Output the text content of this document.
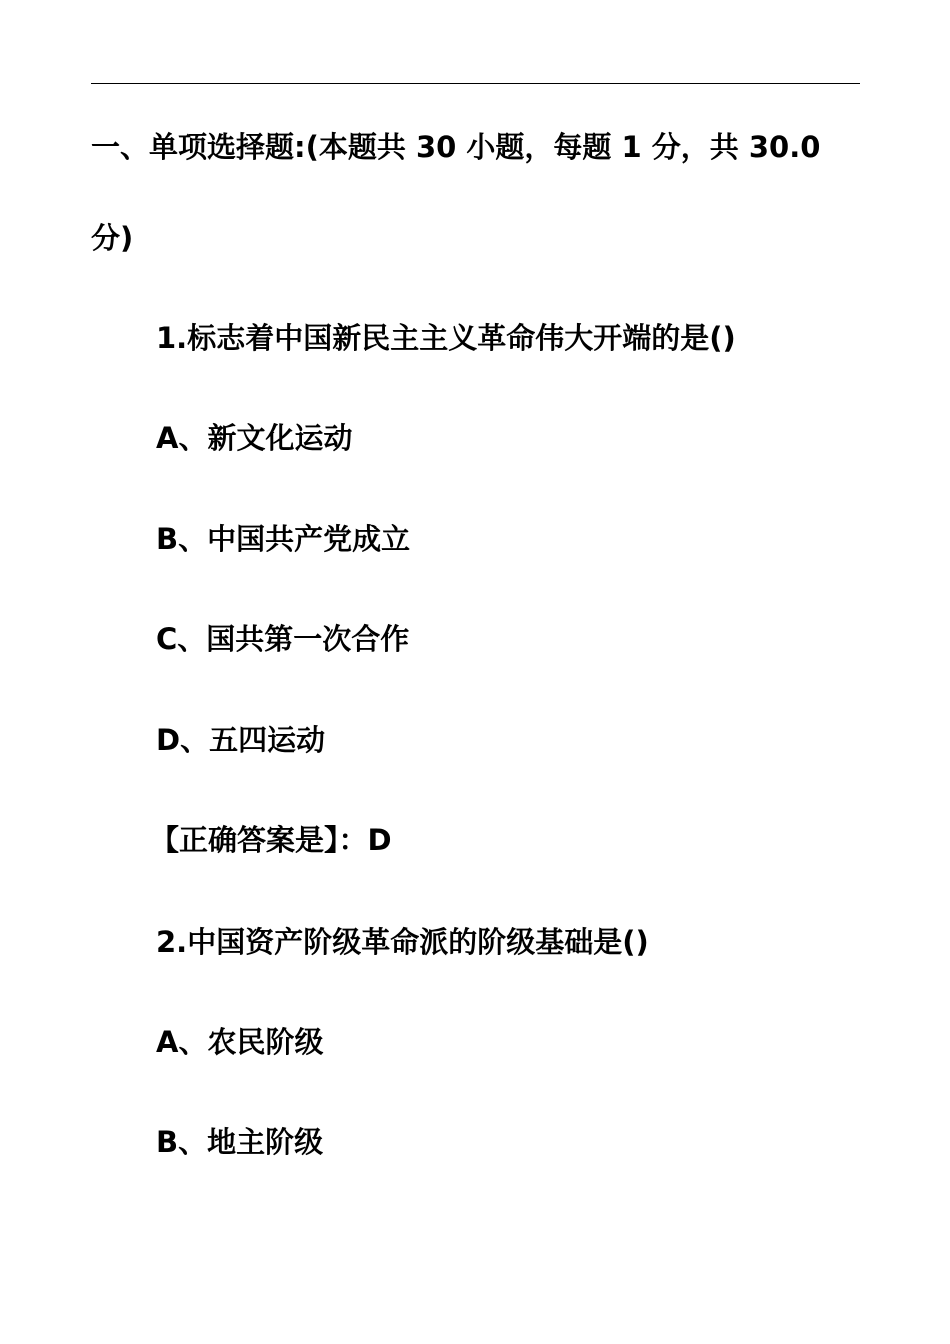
一、单项选择题:(本题共 30 小题，每题 1 分，共 30.0
分)
1.标志着中国新民主主义革命伟大开端的是()
A、新文化运动
B、中国共产党成立
C、国共第一次合作
D、五四运动
【正确答案是】：D
2.中国资产阶级革命派的阶级基础是()
A、农民阶级
B、地主阶级
